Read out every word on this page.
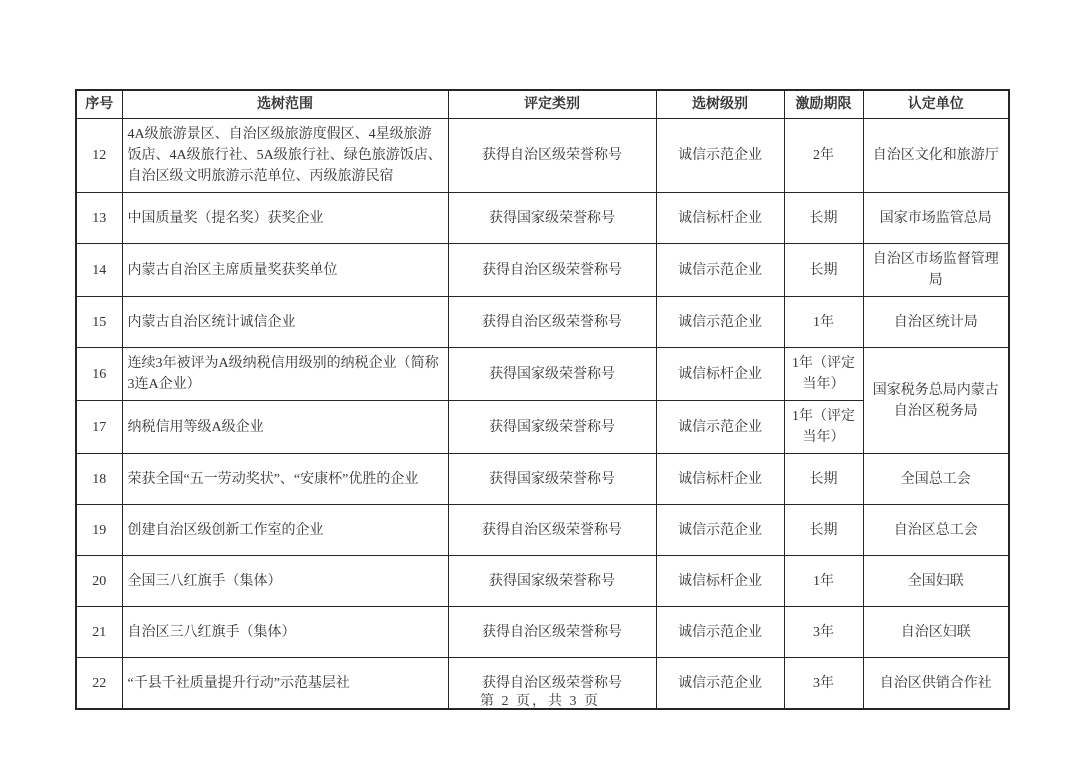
序号	选树范围	评定类别	选树级别	激励期限	认定单位
12	4A级旅游景区、自治区级旅游度假区、4星级旅游饭店、4A级旅行社、5A级旅行社、绿色旅游饭店、自治区级文明旅游示范单位、丙级旅游民宿	获得自治区级荣誉称号	诚信示范企业	2年	自治区文化和旅游厅
13	中国质量奖（提名奖）获奖企业	获得国家级荣誉称号	诚信标杆企业	长期	国家市场监管总局
14	内蒙古自治区主席质量奖获奖单位	获得自治区级荣誉称号	诚信示范企业	长期	自治区市场监督管理局
15	内蒙古自治区统计诚信企业	获得自治区级荣誉称号	诚信示范企业	1年	自治区统计局
16	连续3年被评为A级纳税信用级别的纳税企业（简称3连A企业）	获得国家级荣誉称号	诚信标杆企业	1年（评定当年）	国家税务总局内蒙古自治区税务局
17	纳税信用等级A级企业	获得国家级荣誉称号	诚信示范企业	1年（评定当年）	
18	荣获全国“五一劳动奖状”、“安康杯”优胜的企业	获得国家级荣誉称号	诚信标杆企业	长期	全国总工会
19	创建自治区级创新工作室的企业	获得自治区级荣誉称号	诚信示范企业	长期	自治区总工会
20	全国三八红旗手（集体）	获得国家级荣誉称号	诚信标杆企业	1年	全国妇联
21	自治区三八红旗手（集体）	获得自治区级荣誉称号	诚信示范企业	3年	自治区妇联
22	“千县千社质量提升行动”示范基层社	获得自治区级荣誉称号	诚信示范企业	3年	自治区供销合作社
第 2 页，共 3 页
